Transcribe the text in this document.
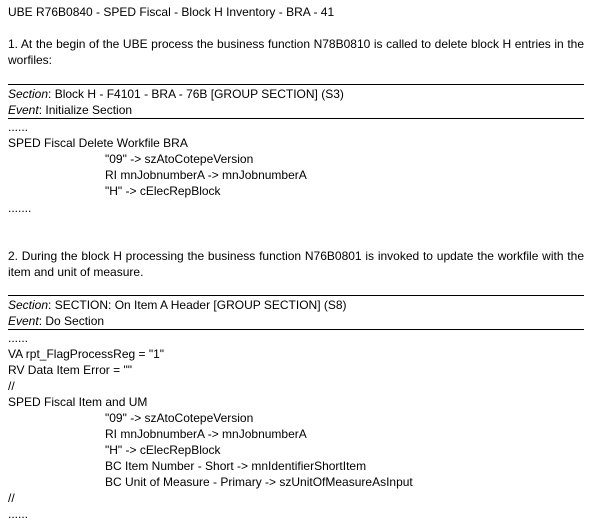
UBE R76B0840 - SPED Fiscal - Block H Inventory - BRA - 41
1. At the begin of the UBE process the business function N78B0810 is called to delete block H entries in the worfiles:
Section: Block H - F4101 - BRA - 76B [GROUP SECTION] (S3)
Event: Initialize Section
......
SPED Fiscal Delete Workfile BRA
"09" -> szAtoCotepeVersion
RI mnJobnumberA -> mnJobnumberA
"H" -> cElecRepBlock
.......
2. During the block H processing the business function N76B0801 is invoked to update the workfile with the item and unit of measure.
Section: SECTION: On Item A Header [GROUP SECTION] (S8)
Event: Do Section
......
VA rpt_FlagProcessReg = "1"
RV Data Item Error = ""
//
SPED Fiscal Item and UM
"09" -> szAtoCotepeVersion
RI mnJobnumberA -> mnJobnumberA
"H" -> cElecRepBlock
BC Item Number - Short -> mnIdentifierShortItem
BC Unit of Measure - Primary -> szUnitOfMeasureAsInput
//
......
